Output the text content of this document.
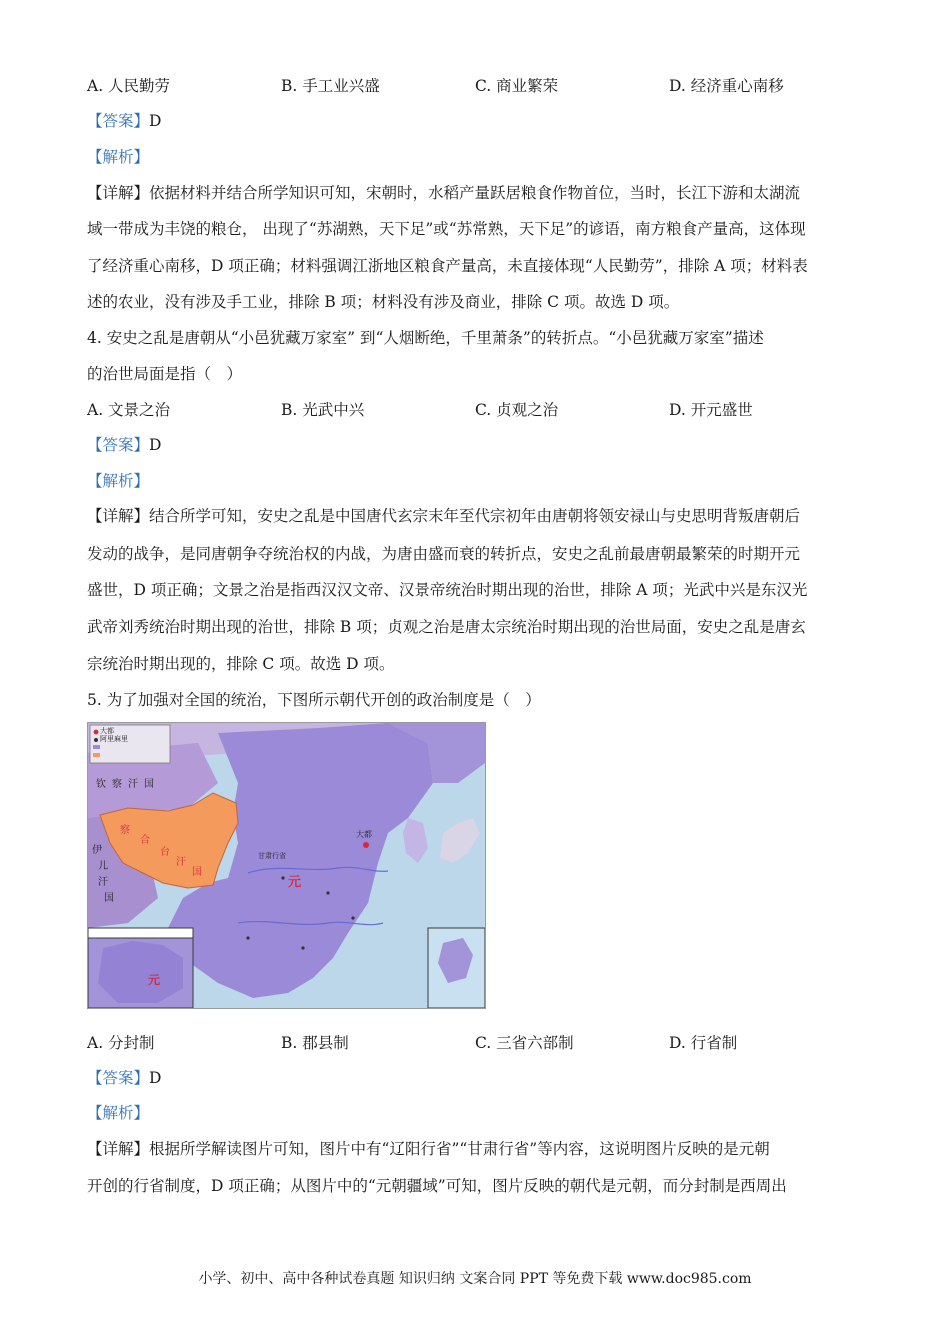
A. 人民勤劳	B. 手工业兴盛	C. 商业繁荣	D. 经济重心南移
【答案】D
【解析】
【详解】依据材料并结合所学知识可知，宋朝时，水稻产量跃居粮食作物首位，当时，长江下游和太湖流
域一带成为丰饶的粮仓， 出现了“苏湖熟，天下足”或“苏常熟，天下足”的谚语，南方粮食产量高，这体现
了经济重心南移，D 项正确；材料强调江浙地区粮食产量高，未直接体现“人民勤劳”，排除 A 项；材料表
述的农业，没有涉及手工业，排除 B 项；材料没有涉及商业，排除 C 项。故选 D 项。
4. 安史之乱是唐朝从“小邑犹藏万家室” 到“人烟断绝，千里萧条”的转折点。“小邑犹藏万家室”描述
的治世局面是指（　）
A. 文景之治	B. 光武中兴	C. 贞观之治	D. 开元盛世
【答案】D
【解析】
【详解】结合所学可知，安史之乱是中国唐代玄宗末年至代宗初年由唐朝将领安禄山与史思明背叛唐朝后
发动的战争，是同唐朝争夺统治权的内战，为唐由盛而衰的转折点，安史之乱前最唐朝最繁荣的时期开元
盛世，D 项正确；文景之治是指西汉汉文帝、汉景帝统治时期出现的治世，排除 A 项；光武中兴是东汉光
武帝刘秀统治时期出现的治世，排除 B 项；贞观之治是唐太宗统治时期出现的治世局面，安史之乱是唐玄
宗统治时期出现的，排除 C 项。故选 D 项。
5. 为了加强对全国的统治，下图所示朝代开创的政治制度是（　）
大都
阿里麻里
钦察汗国
察
合
台
汗
国
伊
儿
汗
国
元
大都
甘肃行省
元
A. 分封制	B. 郡县制	C. 三省六部制	D. 行省制
【答案】D
【解析】
【详解】根据所学解读图片可知，图片中有“辽阳行省”“甘肃行省”等内容，这说明图片反映的是元朝
开创的行省制度，D 项正确；从图片中的“元朝疆域”可知，图片反映的朝代是元朝，而分封制是西周出
小学、初中、高中各种试卷真题 知识归纳 文案合同 PPT 等免费下载 www.doc985.com
